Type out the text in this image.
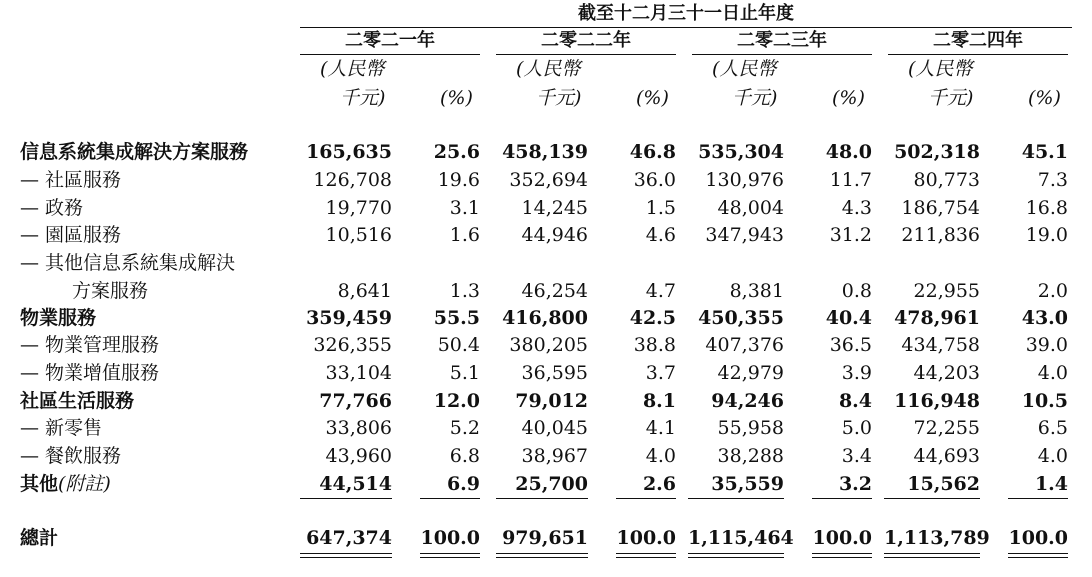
截至十二月三十一日止年度
二零二一年	二零二二年	二零二三年	二零二四年
(人民幣
千元)	(%)
(人民幣
千元)	(%)
(人民幣
千元)	(%)
(人民幣
千元)	(%)
信息系統集成解決方案服務	165,635	25.6	458,139	46.8	535,304	48.0	502,318	45.1
— 社區服務	126,708	19.6	352,694	36.0	130,976	11.7	80,773	7.3
— 政務	19,770	3.1	14,245	1.5	48,004	4.3	186,754	16.8
— 園區服務	10,516	1.6	44,946	4.6	347,943	31.2	211,836	19.0
— 其他信息系統集成解決
方案服務	8,641	1.3	46,254	4.7	8,381	0.8	22,955	2.0
物業服務	359,459	55.5	416,800	42.5	450,355	40.4	478,961	43.0
— 物業管理服務	326,355	50.4	380,205	38.8	407,376	36.5	434,758	39.0
— 物業增值服務	33,104	5.1	36,595	3.7	42,979	3.9	44,203	4.0
社區生活服務	77,766	12.0	79,012	8.1	94,246	8.4	116,948	10.5
— 新零售	33,806	5.2	40,045	4.1	55,958	5.0	72,255	6.5
— 餐飲服務	43,960	6.8	38,967	4.0	38,288	3.4	44,693	4.0
其他(附註)	44,514	6.9	25,700	2.6	35,559	3.2	15,562	1.4
總計	647,374 100.0	979,651 100.0 1,115,464 100.0 1,113,789 100.0
